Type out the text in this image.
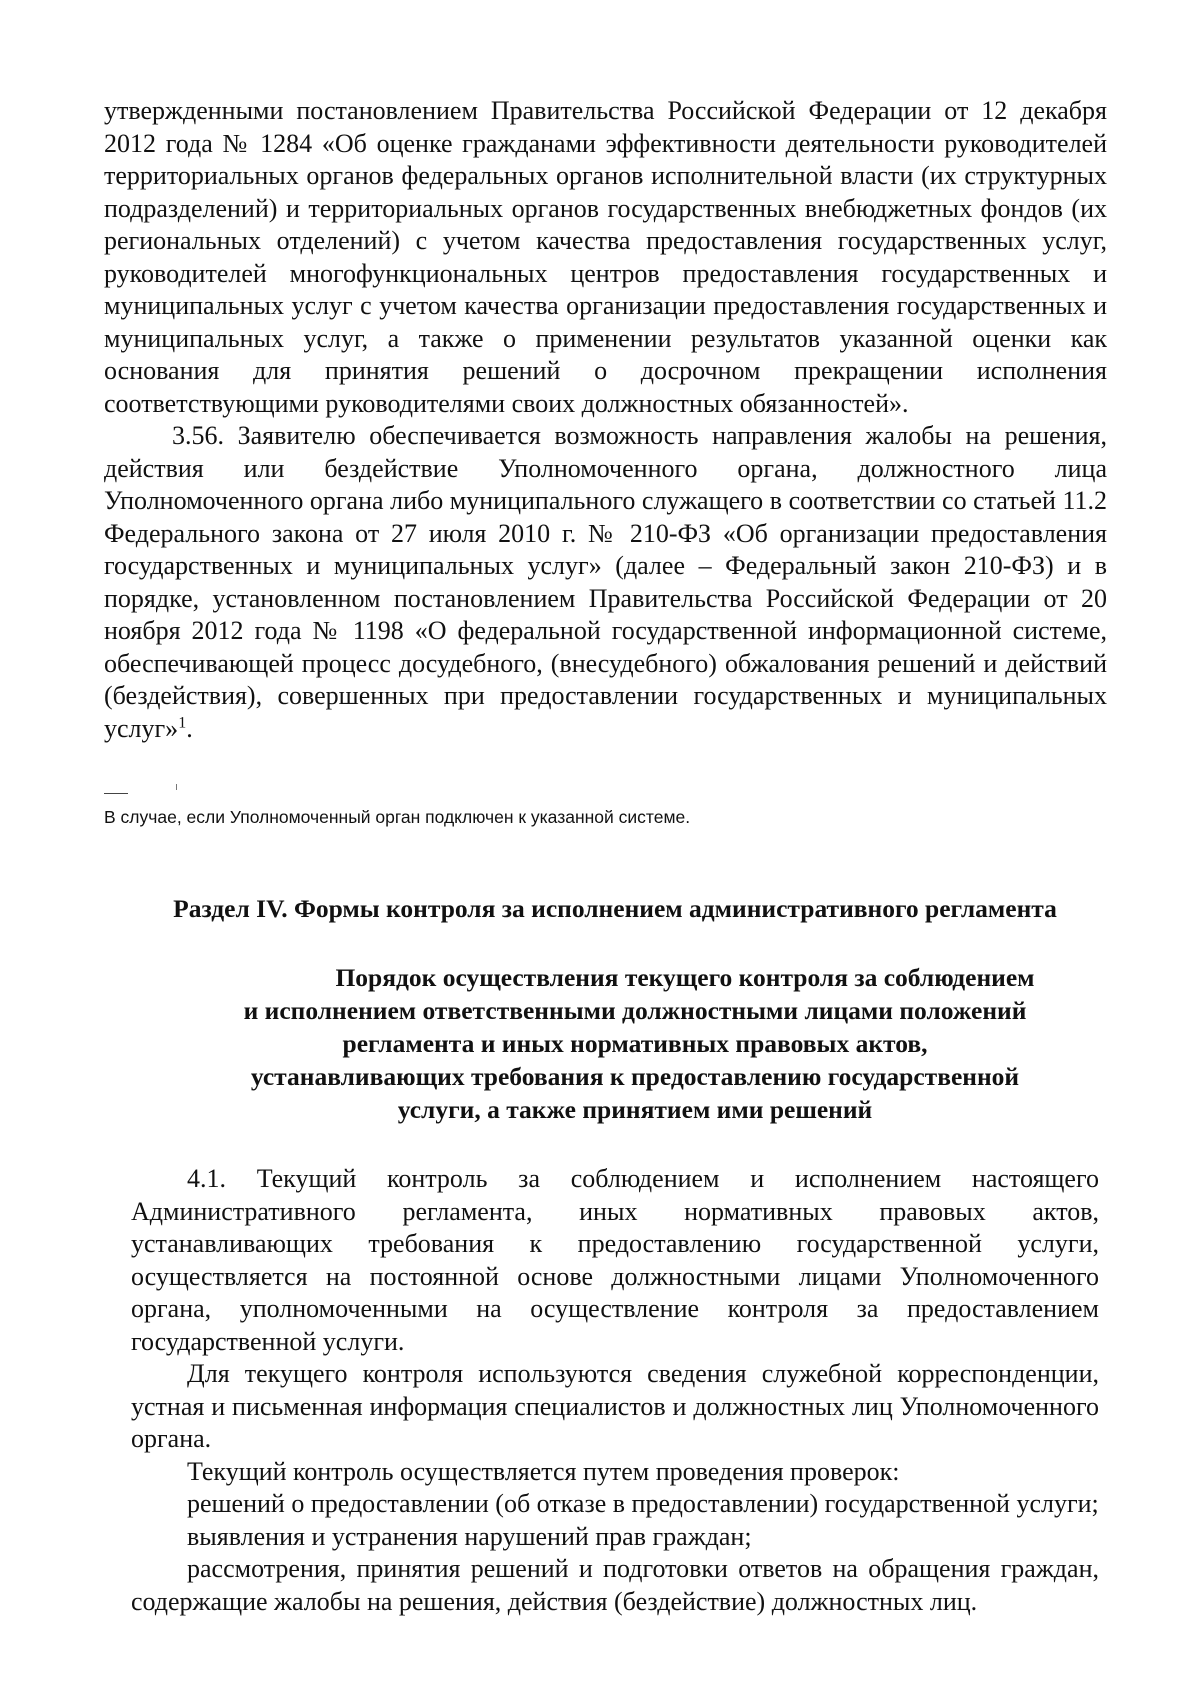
утвержденными постановлением Правительства Российской Федерации от 12 декабря 2012 года № 1284 «Об оценке гражданами эффективности деятельности руководителей территориальных органов федеральных органов исполнительной власти (их структурных подразделений) и территориальных органов государственных внебюджетных фондов (их региональных отделений) с учетом качества предоставления государственных услуг, руководителей многофункциональных центров предоставления государственных и муниципальных услуг с учетом качества организации предоставления государственных и муниципальных услуг, а также о применении результатов указанной оценки как основания для принятия решений о досрочном прекращении исполнения соответствующими руководителями своих должностных обязанностей».

3.56. Заявителю обеспечивается возможность направления жалобы на решения, действия или бездействие Уполномоченного органа, должностного лица Уполномоченного органа либо муниципального служащего в соответствии со статьей 11.2 Федерального закона от 27 июля 2010 г. № 210-ФЗ «Об организации предоставления государственных и муниципальных услуг» (далее – Федеральный закон 210-ФЗ) и в порядке, установленном постановлением Правительства Российской Федерации от 20 ноября 2012 года № 1198 «О федеральной государственной информационной системе, обеспечивающей процесс досудебного, (внесудебного) обжалования решений и действий (бездействия), совершенных при предоставлении государственных и муниципальных услуг»$^1$.

В случае, если Уполномоченный орган подключен к указанной системе.

Раздел IV. Формы контроля за исполнением административного регламента

Порядок осуществления текущего контроля за соблюдением
и исполнением ответственными должностными лицами положений
регламента и иных нормативных правовых актов,
устанавливающих требования к предоставлению государственной
услуги, а также принятием ими решений

4.1. Текущий контроль за соблюдением и исполнением настоящего Административного регламента, иных нормативных правовых актов, устанавливающих требования к предоставлению государственной услуги, осуществляется на постоянной основе должностными лицами Уполномоченного органа, уполномоченными на осуществление контроля за предоставлением государственной услуги.

Для текущего контроля используются сведения служебной корреспонденции, устная и письменная информация специалистов и должностных лиц Уполномоченного органа.

Текущий контроль осуществляется путем проведения проверок:

решений о предоставлении (об отказе в предоставлении) государственной услуги;

выявления и устранения нарушений прав граждан;

рассмотрения, принятия решений и подготовки ответов на обращения граждан, содержащие жалобы на решения, действия (бездействие) должностных лиц.
